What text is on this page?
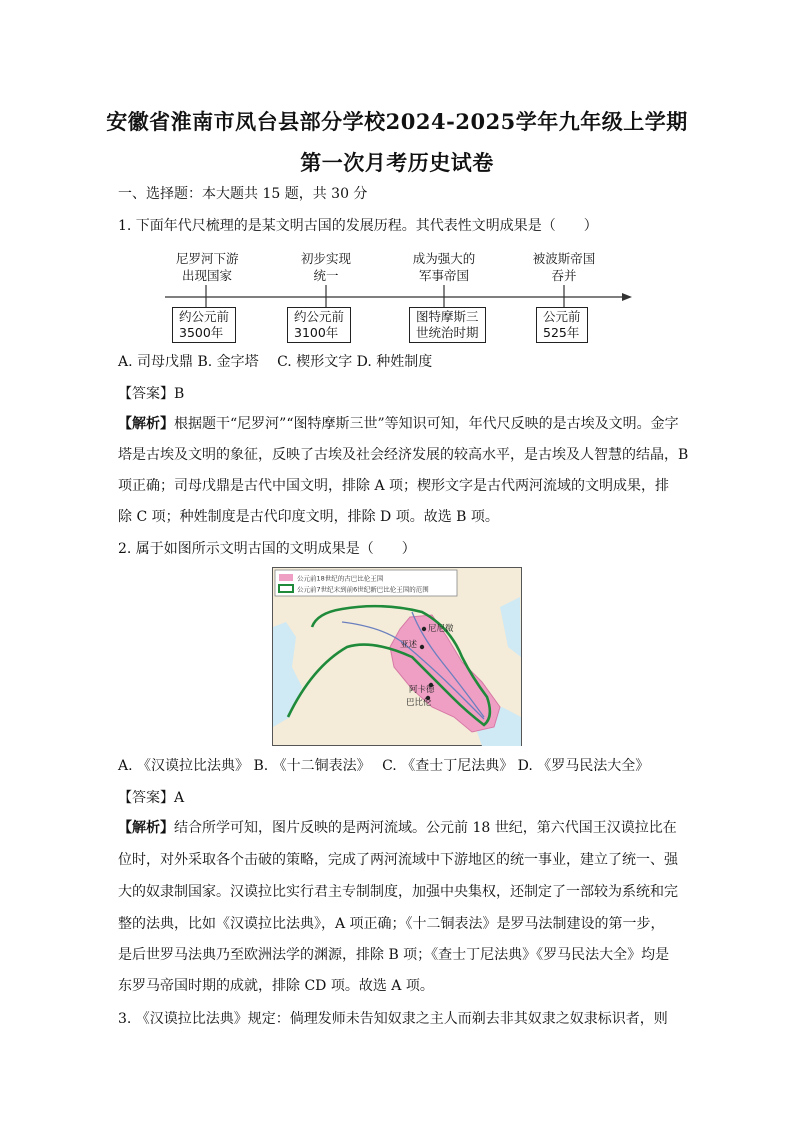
安徽省淮南市凤台县部分学校2024-2025学年九年级上学期
第一次月考历史试卷
一、选择题：本大题共 15 题，共 30 分
1. 下面年代尺梳理的是某文明古国的发展历程。其代表性文明成果是（　　）
尼罗河下游
出现国家
初步实现
统一
成为强大的
军事帝国
被波斯帝国
吞并
约公元前
3500年
约公元前
3100年
图特摩斯三
世统治时期
公元前
525年
A. 司母戊鼎 B. 金字塔　 C. 楔形文字 D. 种姓制度
【答案】B
【解析】根据题干“尼罗河”“图特摩斯三世”等知识可知，年代尺反映的是古埃及文明。金字
塔是古埃及文明的象征，反映了古埃及社会经济发展的较高水平，是古埃及人智慧的结晶，B
项正确；司母戊鼎是古代中国文明，排除 A 项；楔形文字是古代两河流域的文明成果，排
除 C 项；种姓制度是古代印度文明，排除 D 项。故选 B 项。
2. 属于如图所示文明古国的文明成果是（　　）
公元前18世纪的古巴比伦王国
公元前7世纪末到前6世纪新巴比伦王国的范围
尼尼微
亚述
阿卡德
巴比伦
A. 《汉谟拉比法典》 B. 《十二铜表法》　 C. 《查士丁尼法典》 D. 《罗马民法大全》
【答案】A
【解析】结合所学可知，图片反映的是两河流域。公元前 18 世纪，第六代国王汉谟拉比在
位时，对外采取各个击破的策略，完成了两河流域中下游地区的统一事业，建立了统一、强
大的奴隶制国家。汉谟拉比实行君主专制制度，加强中央集权，还制定了一部较为系统和完
整的法典，比如《汉谟拉比法典》，A 项正确；《十二铜表法》是罗马法制建设的第一步，
是后世罗马法典乃至欧洲法学的渊源，排除 B 项；《查士丁尼法典》《罗马民法大全》均是
东罗马帝国时期的成就，排除 CD 项。故选 A 项。
3. 《汉谟拉比法典》规定：倘理发师未告知奴隶之主人而剃去非其奴隶之奴隶标识者，则
